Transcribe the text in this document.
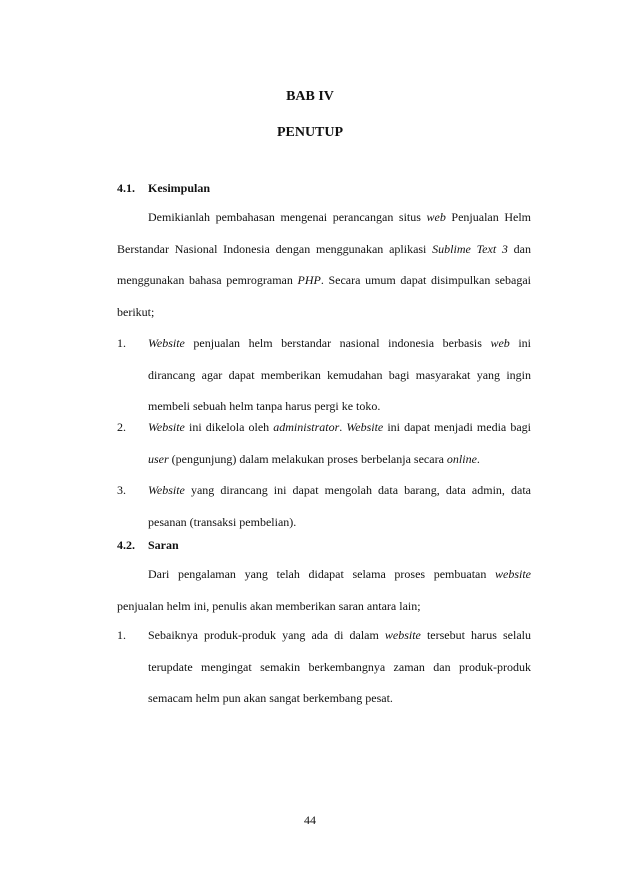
BAB IV
PENUTUP
4.1. Kesimpulan

Demikianlah pembahasan mengenai perancangan situs web Penjualan Helm Berstandar Nasional Indonesia dengan menggunakan aplikasi Sublime Text 3 dan menggunakan bahasa pemrograman PHP. Secara umum dapat disimpulkan sebagai berikut;

1. Website penjualan helm berstandar nasional indonesia berbasis web ini dirancang agar dapat memberikan kemudahan bagi masyarakat yang ingin membeli sebuah helm tanpa harus pergi ke toko.
2. Website ini dikelola oleh administrator. Website ini dapat menjadi media bagi user (pengunjung) dalam melakukan proses berbelanja secara online.
3. Website yang dirancang ini dapat mengolah data barang, data admin, data pesanan (transaksi pembelian).
4.2. Saran

Dari pengalaman yang telah didapat selama proses pembuatan website penjualan helm ini, penulis akan memberikan saran antara lain;

1. Sebaiknya produk-produk yang ada di dalam website tersebut harus selalu terupdate mengingat semakin berkembangnya zaman dan produk-produk semacam helm pun akan sangat berkembang pesat.
44
